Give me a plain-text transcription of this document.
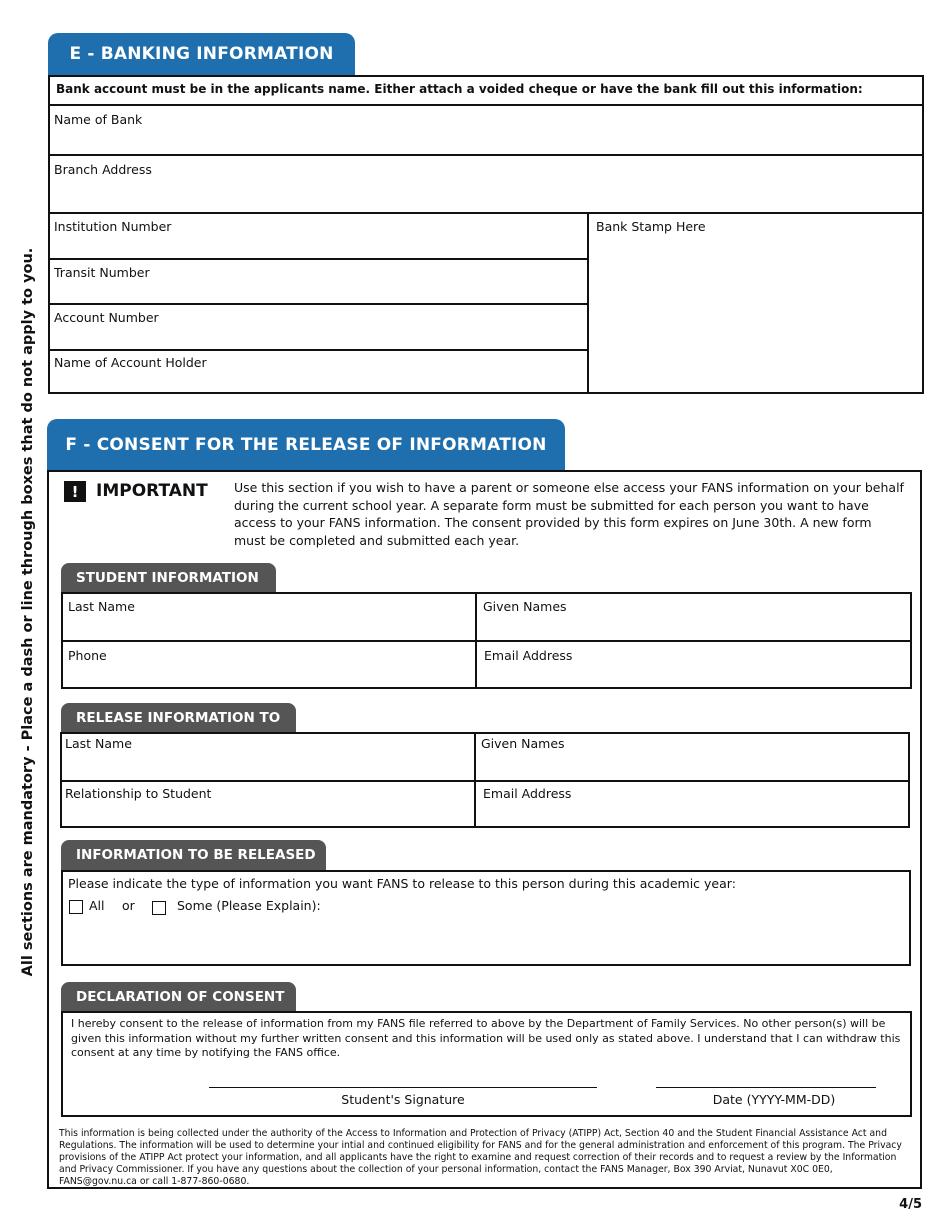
All sections are mandatory - Place a dash or line through boxes that do not apply to you.
E - BANKING INFORMATION
Bank account must be in the applicants name. Either attach a voided cheque or have the bank fill out this information:
Name of Bank
Branch Address
Institution Number
Transit Number
Account Number
Name of Account Holder
Bank Stamp Here
F - CONSENT FOR THE RELEASE OF INFORMATION
!	IMPORTANT Use this section if you wish to have a parent or someone else access your FANS information on your behalf during the current school year. A separate form must be submitted for each person you want to have access to your FANS information. The consent provided by this form expires on June 30th. A new form must be completed and submitted each year.
STUDENT INFORMATION
Last Name	Given Names
Phone	Email Address
RELEASE INFORMATION TO
Last Name	Given Names
Relationship to Student	Email Address
INFORMATION TO BE RELEASED
Please indicate the type of information you want FANS to release to this person during this academic year:
All or	Some (Please Explain):
DECLARATION OF CONSENT
I hereby consent to the release of information from my FANS file referred to above by the Department of Family Services. No other person(s) will be given this information without my further written consent and this information will be used only as stated above. I understand that I can withdraw this consent at any time by notifying the FANS office.
Student's Signature	Date (YYYY-MM-DD)
This information is being collected under the authority of the Access to Information and Protection of Privacy (ATIPP) Act, Section 40 and the Student Financial Assistance Act and Regulations. The information will be used to determine your intial and continued eligibility for FANS and for the general administration and enforcement of this program. The Privacy provisions of the ATIPP Act protect your information, and all applicants have the right to examine and request correction of their records and to request a review by the Information and Privacy Commissioner. If you have any questions about the collection of your personal information, contact the FANS Manager, Box 390 Arviat, Nunavut X0C 0E0, FANS@gov.nu.ca or call 1-877-860-0680.
4/5
